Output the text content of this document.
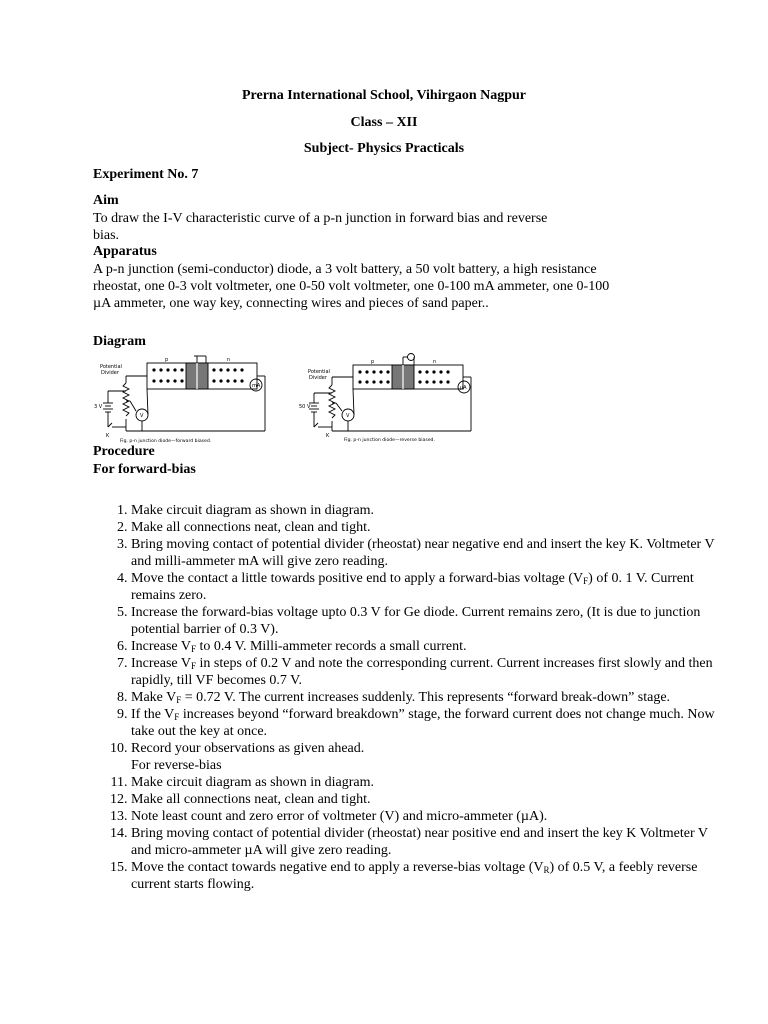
Prerna International School, Vihirgaon Nagpur
Class – XII
Subject- Physics Practicals
Experiment No. 7
Aim
To draw the I-V characteristic curve of a p-n junction in forward bias and reverse
bias.
Apparatus
A p-n junction (semi-conductor) diode, a 3 volt battery, a 50 volt battery, a high resistance
rheostat, one 0-3 volt voltmeter, one 0-50 volt voltmeter, one 0-100 mA ammeter, one 0-100
µA ammeter, one way key, connecting wires and pieces of sand paper..
Diagram
Potential
Divider
3 V
K
V
mA
p	n
Fig. p-n junction diode—forward biased.
Potential
Divider
50 V
K
V
µA
p	n
Fig. p-n junction diode—reverse biased.
Procedure
For forward-bias
1. Make circuit diagram as shown in diagram.
2. Make all connections neat, clean and tight.
3. Bring moving contact of potential divider (rheostat) near negative end and insert the key K. Voltmeter V and milli-ammeter mA will give zero reading.
4. Move the contact a little towards positive end to apply a forward-bias voltage $(V_F)$ of 0. 1 V. Current remains zero.
5. Increase the forward-bias voltage upto 0.3 V for Ge diode. Current remains zero, (It is due to junction potential barrier of 0.3 V).
6. Increase $V_F$ to 0.4 V. Milli-ammeter records a small current.
7. Increase $V_F$ in steps of 0.2 V and note the corresponding current. Current increases first slowly and then rapidly, till VF becomes 0.7 V.
8. Make $V_F = 0.72$ V. The current increases suddenly. This represents “forward break-down” stage.
9. If the $V_F$ increases beyond “forward breakdown” stage, the forward current does not change much. Now take out the key at once.
10. Record your observations as given ahead.
For reverse-bias
11. Make circuit diagram as shown in diagram.
12. Make all connections neat, clean and tight.
13. Note least count and zero error of voltmeter (V) and micro-ammeter (µA).
14. Bring moving contact of potential divider (rheostat) near positive end and insert the key K Voltmeter V and micro-ammeter µA will give zero reading.
15. Move the contact towards negative end to apply a reverse-bias voltage $(V_R)$ of 0.5 V, a feebly reverse current starts flowing.
